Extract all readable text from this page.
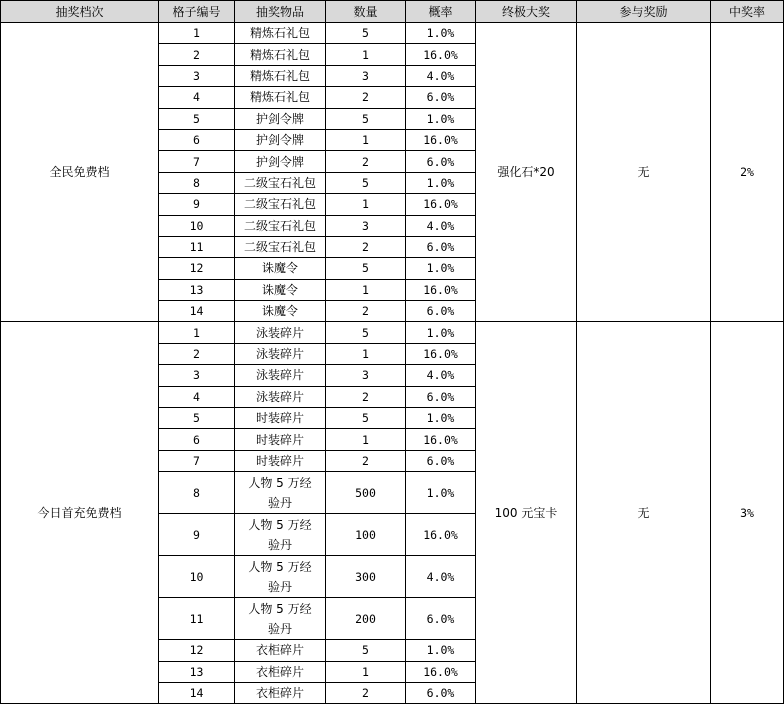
抽奖档次	格子编号	抽奖物品	数量	概率	终极大奖	参与奖励	中奖率
全民免费档	1	精炼石礼包	5	1.0%	强化石*20	无	2%
	2	精炼石礼包	1	16.0%			
	3	精炼石礼包	3	4.0%			
	4	精炼石礼包	2	6.0%			
	5	护剑令牌	5	1.0%			
	6	护剑令牌	1	16.0%			
	7	护剑令牌	2	6.0%			
	8	二级宝石礼包	5	1.0%			
	9	二级宝石礼包	1	16.0%			
	10	二级宝石礼包	3	4.0%			
	11	二级宝石礼包	2	6.0%			
	12	诛魔令	5	1.0%			
	13	诛魔令	1	16.0%			
	14	诛魔令	2	6.0%			
今日首充免费档	1	泳装碎片	5	1.0%	100 元宝卡	无	3%
	2	泳装碎片	1	16.0%			
	3	泳装碎片	3	4.0%			
	4	泳装碎片	2	6.0%			
	5	时装碎片	5	1.0%			
	6	时装碎片	1	16.0%			
	7	时装碎片	2	6.0%			
	8	人物 5 万经验丹	500	1.0%			
	9	人物 5 万经验丹	100	16.0%			
	10	人物 5 万经验丹	300	4.0%			
	11	人物 5 万经验丹	200	6.0%			
	12	衣柜碎片	5	1.0%			
	13	衣柜碎片	1	16.0%			
	14	衣柜碎片	2	6.0%			
